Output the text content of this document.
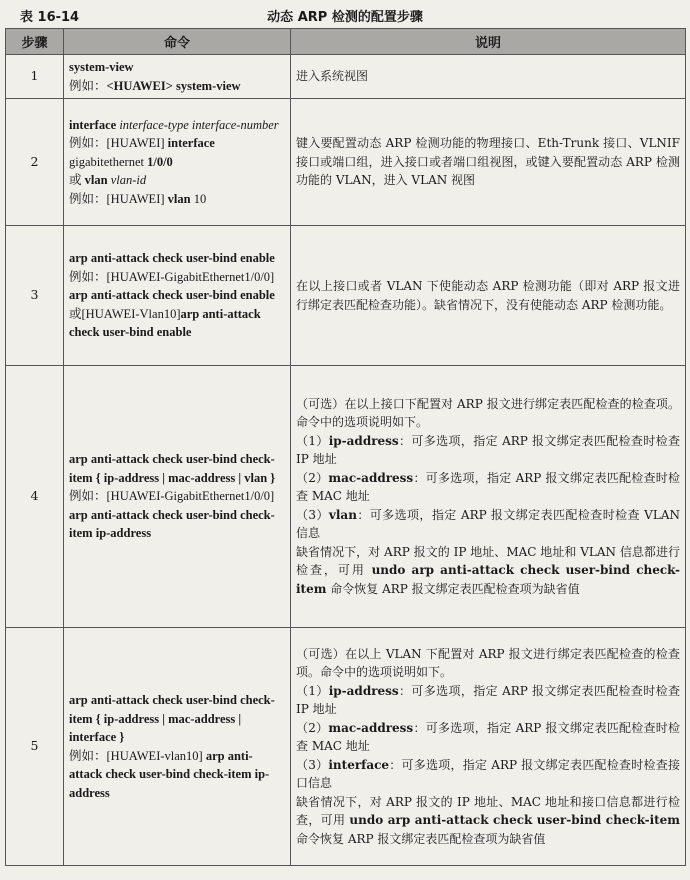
表 16-14	动态 ARP 检测的配置步骤
步骤	命令	说明
1	system-view
例如：<HUAWEI> system-view	进入系统视图
2	interface interface-type interface-number
例如：[HUAWEI] interface
gigabitethernet 1/0/0
或 vlan vlan-id
例如：[HUAWEI] vlan 10	键入要配置动态 ARP 检测功能的物理接口、Eth-Trunk 接口、VLNIF 接口或端口组，进入接口或者端口组视图，或键入要配置动态 ARP 检测功能的 VLAN，进入 VLAN 视图
3	arp anti-attack check user-bind enable
例如：[HUAWEI-GigabitEthernet1/0/0] arp anti-attack check user-bind enable
或[HUAWEI-Vlan10]arp anti-attack check user-bind enable	在以上接口或者 VLAN 下使能动态 ARP 检测功能（即对 ARP 报文进行绑定表匹配检查功能）。缺省情况下，没有使能动态 ARP 检测功能。
4	arp anti-attack check user-bind check-item { ip-address | mac-address | vlan }
例如：[HUAWEI-GigabitEthernet1/0/0] arp anti-attack check user-bind check-item ip-address	（可选）在以上接口下配置对 ARP 报文进行绑定表匹配检查的检查项。命令中的选项说明如下。
（1）ip-address：可多选项，指定 ARP 报文绑定表匹配检查时检查 IP 地址
（2）mac-address：可多选项，指定 ARP 报文绑定表匹配检查时检查 MAC 地址
（3）vlan：可多选项，指定 ARP 报文绑定表匹配检查时检查 VLAN 信息
缺省情况下，对 ARP 报文的 IP 地址、MAC 地址和 VLAN 信息都进行检查，可用 undo arp anti-attack check user-bind check-item 命令恢复 ARP 报文绑定表匹配检查项为缺省值
5	arp anti-attack check user-bind check-item { ip-address | mac-address | interface }
例如：[HUAWEI-vlan10] arp anti-attack check user-bind check-item ip-address	（可选）在以上 VLAN 下配置对 ARP 报文进行绑定表匹配检查的检查项。命令中的选项说明如下。
（1）ip-address：可多选项，指定 ARP 报文绑定表匹配检查时检查 IP 地址
（2）mac-address：可多选项，指定 ARP 报文绑定表匹配检查时检查 MAC 地址
（3）interface：可多选项，指定 ARP 报文绑定表匹配检查时检查接口信息
缺省情况下，对 ARP 报文的 IP 地址、MAC 地址和接口信息都进行检查，可用 undo arp anti-attack check user-bind check-item 命令恢复 ARP 报文绑定表匹配检查项为缺省值
